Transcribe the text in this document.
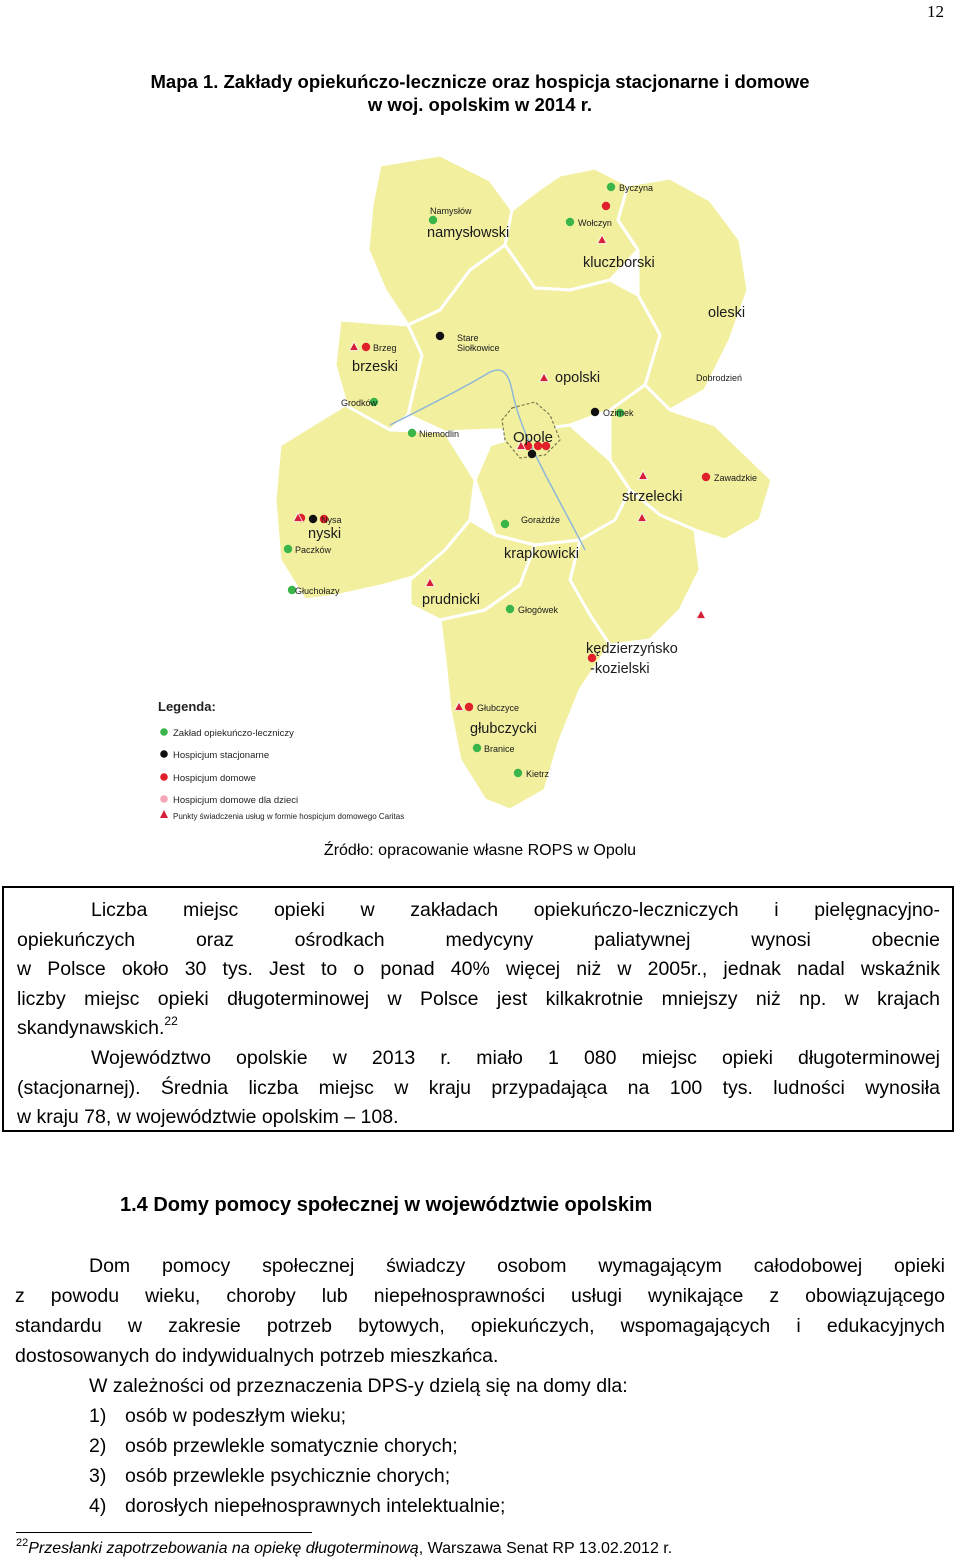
12
Mapa 1. Zakłady opiekuńczo-lecznicze oraz hospicja stacjonarne i domowe
w woj. opolskim w 2014 r.
Legenda:
Zakład opiekuńczo-leczniczy
Hospicjum stacjonarne
Hospicjum domowe
Hospicjum domowe dla dzieci
Punkty świadczenia usług w formie hospicjum domowego Caritas
namysłowski
kluczborski
oleski
brzeski
opolski
Opole
strzelecki
nyski
krapkowicki
prudnicki
kędzierzyńsko
-kozielski
głubczycki
Byczyna
Namysłów
Wołczyn
Stare
Siołkowice
Brzeg
Grodków
Niemodlin
Ozimek
Dobrodzień
Zawadzkie
Nysa
Paczków
Gorażdże
Głuchołazy
Głogówek
Głubczyce
Branice
Kietrz
Źródło: opracowanie własne ROPS w Opolu

Liczba miejsc opieki w zakładach opiekuńczo-leczniczych i pielęgnacyjno-

opiekuńczych oraz ośrodkach medycyny paliatywnej wynosi obecnie

w Polsce około 30 tys. Jest to o ponad 40% więcej niż w 2005r., jednak nadal wskaźnik

liczby miejsc opieki długoterminowej w Polsce jest kilkakrotnie mniejszy niż np. w krajach

skandynawskich.$^{22}$

Województwo opolskie w 2013 r. miało 1 080 miejsc opieki długoterminowej

(stacjonarnej). Średnia liczba miejsc w kraju przypadająca na 100 tys. ludności wynosiła

w kraju 78, w województwie opolskim – 108.

1.4 Domy pomocy społecznej w województwie opolskim

Dom pomocy społecznej świadczy osobom wymagającym całodobowej opieki

z powodu wieku, choroby lub niepełnosprawności usługi wynikające z obowiązującego

standardu w zakresie potrzeb bytowych, opiekuńczych, wspomagających i edukacyjnych

dostosowanych do indywidualnych potrzeb mieszkańca.

W zależności od przeznaczenia DPS-y dzielą się na domy dla:

1) osób w podeszłym wieku;

2) osób przewlekle somatycznie chorych;

3) osób przewlekle psychicznie chorych;

4) dorosłych niepełnosprawnych intelektualnie;

$^{22}$Przesłanki zapotrzebowania na opiekę długoterminową, Warszawa Senat RP 13.02.2012 r.
